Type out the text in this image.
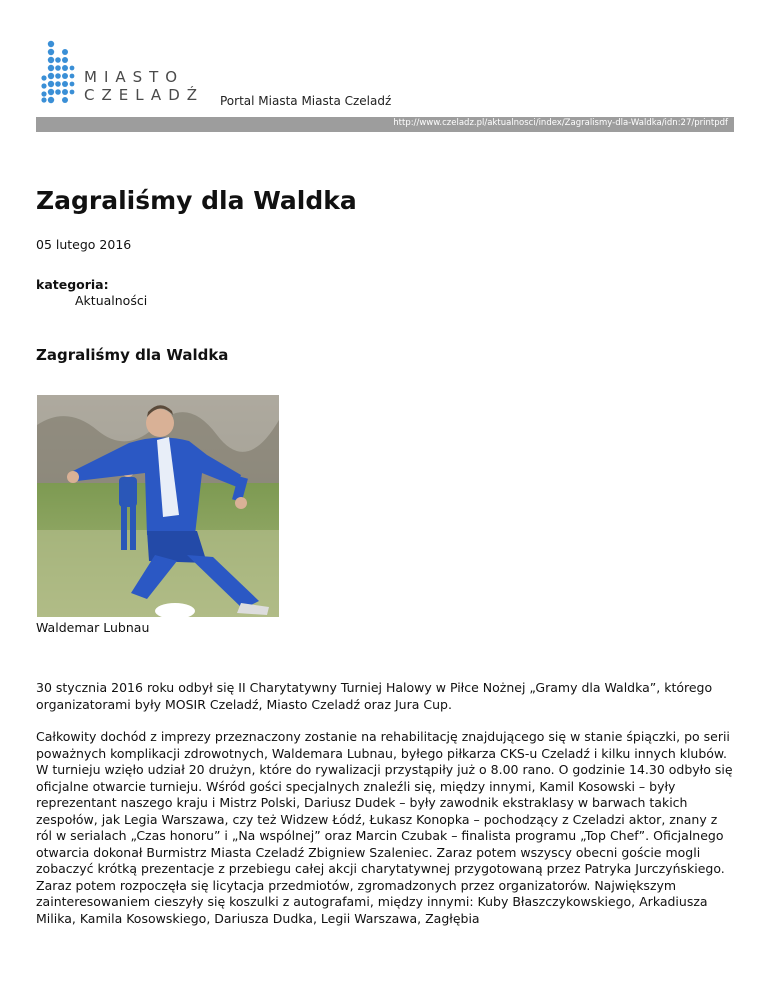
MIASTO
CZELADŹ Portal Miasta Miasta Czeladź
http://www.czeladz.pl/aktualnosci/index/Zagralismy-dla-Waldka/idn:27/printpdf
Zagraliśmy dla Waldka
05 lutego 2016
kategoria:
Aktualności
Zagraliśmy dla Waldka
Waldemar Lubnau

30 stycznia 2016 roku odbył się II Charytatywny Turniej Halowy w Piłce Nożnej „Gramy dla Waldka”, którego organizatorami były MOSIR Czeladź, Miasto Czeladź oraz Jura Cup.

Całkowity dochód z imprezy przeznaczony zostanie na rehabilitację znajdującego się w stanie śpiączki, po serii poważnych komplikacji zdrowotnych, Waldemara Lubnau, byłego piłkarza CKS-u Czeladź i kilku innych klubów.

W turnieju wzięło udział 20 drużyn, które do rywalizacji przystąpiły już o 8.00 rano. O godzinie 14.30 odbyło się oficjalne otwarcie turnieju. Wśród gości specjalnych znaleźli się, między innymi, Kamil Kosowski – były reprezentant naszego kraju i Mistrz Polski, Dariusz Dudek – były zawodnik ekstraklasy w barwach takich zespołów, jak Legia Warszawa, czy też Widzew Łódź, Łukasz Konopka – pochodzący z Czeladzi aktor, znany z ról w serialach „Czas honoru” i „Na wspólnej” oraz Marcin Czubak – finalista programu „Top Chef”. Oficjalnego otwarcia dokonał Burmistrz Miasta Czeladź Zbigniew Szaleniec. Zaraz potem wszyscy obecni goście mogli zobaczyć krótką prezentacje z przebiegu całej akcji charytatywnej przygotowaną przez Patryka Jurczyńskiego. Zaraz potem rozpoczęła się licytacja przedmiotów, zgromadzonych przez organizatorów. Największym zainteresowaniem cieszyły się koszulki z autografami, między innymi: Kuby Błaszczykowskiego, Arkadiusza Milika, Kamila Kosowskiego, Dariusza Dudka, Legii Warszawa, Zagłębia
